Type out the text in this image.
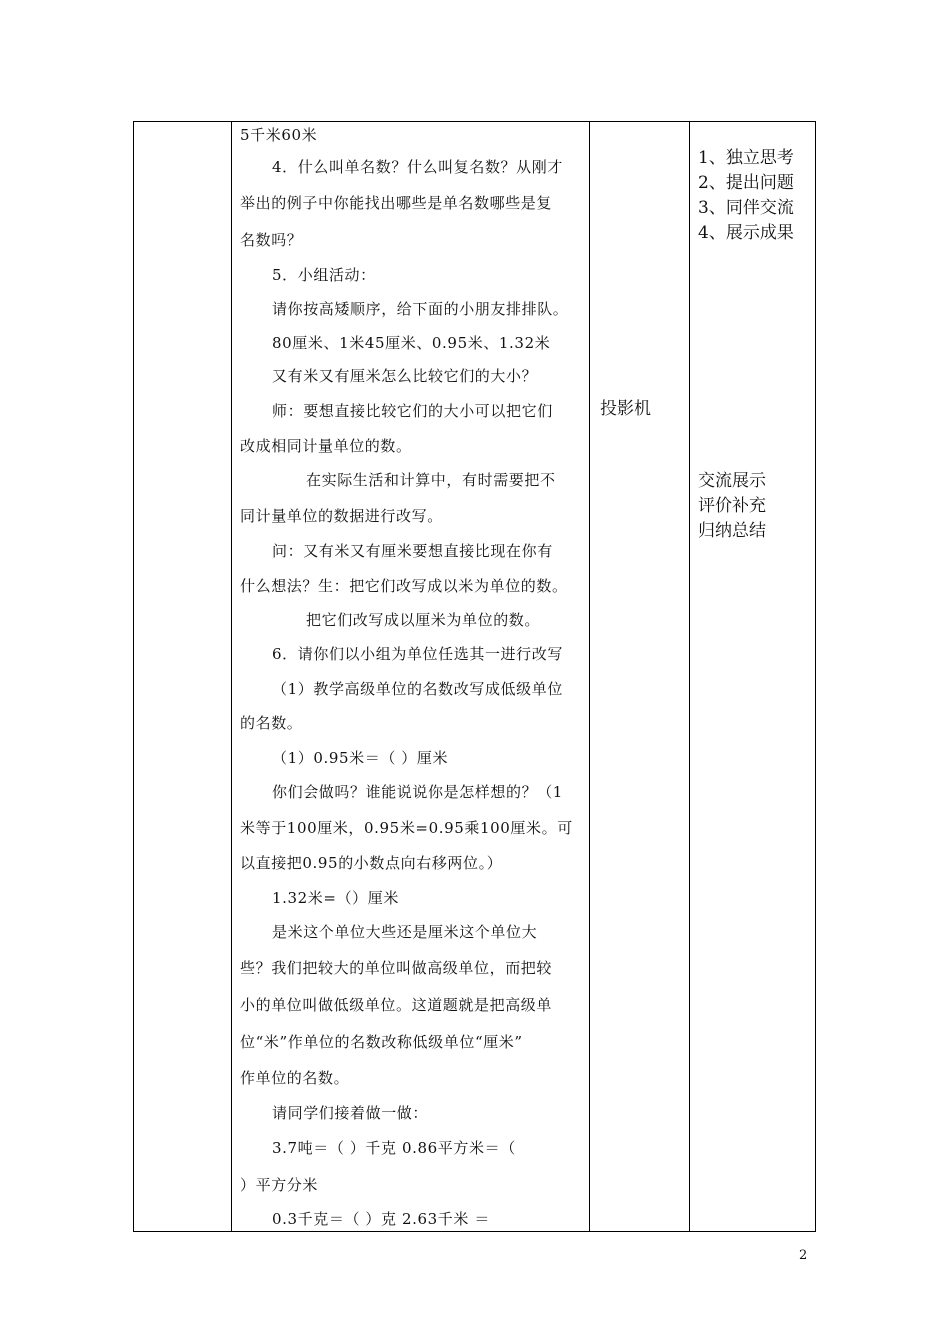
5千米60米
4．什么叫单名数？什么叫复名数？从刚才
举出的例子中你能找出哪些是单名数哪些是复
名数吗？
5．小组活动：
请你按高矮顺序，给下面的小朋友排排队。
80厘米、1米45厘米、0.95米、1.32米
又有米又有厘米怎么比较它们的大小？
师：要想直接比较它们的大小可以把它们
改成相同计量单位的数。
在实际生活和计算中，有时需要把不
同计量单位的数据进行改写。
问：又有米又有厘米要想直接比现在你有
什么想法？生：把它们改写成以米为单位的数。
把它们改写成以厘米为单位的数。
6．请你们以小组为单位任选其一进行改写
（1）教学高级单位的名数改写成低级单位
的名数。
（1）0.95米＝（ ）厘米
你们会做吗？谁能说说你是怎样想的？（1
米等于100厘米，0.95米=0.95乘100厘米。可
以直接把0.95的小数点向右移两位。）
1.32米=（）厘米
是米这个单位大些还是厘米这个单位大
些？我们把较大的单位叫做高级单位，而把较
小的单位叫做低级单位。这道题就是把高级单
位“米”作单位的名数改称低级单位“厘米”
作单位的名数。
请同学们接着做一做：
3.7吨＝（ ）千克 0.86平方米＝（
）平方分米
0.3千克＝（ ）克 2.63千米 ＝
投影机
1、独立思考
2、提出问题
3、同伴交流
4、展示成果
交流展示
评价补充
归纳总结
2
